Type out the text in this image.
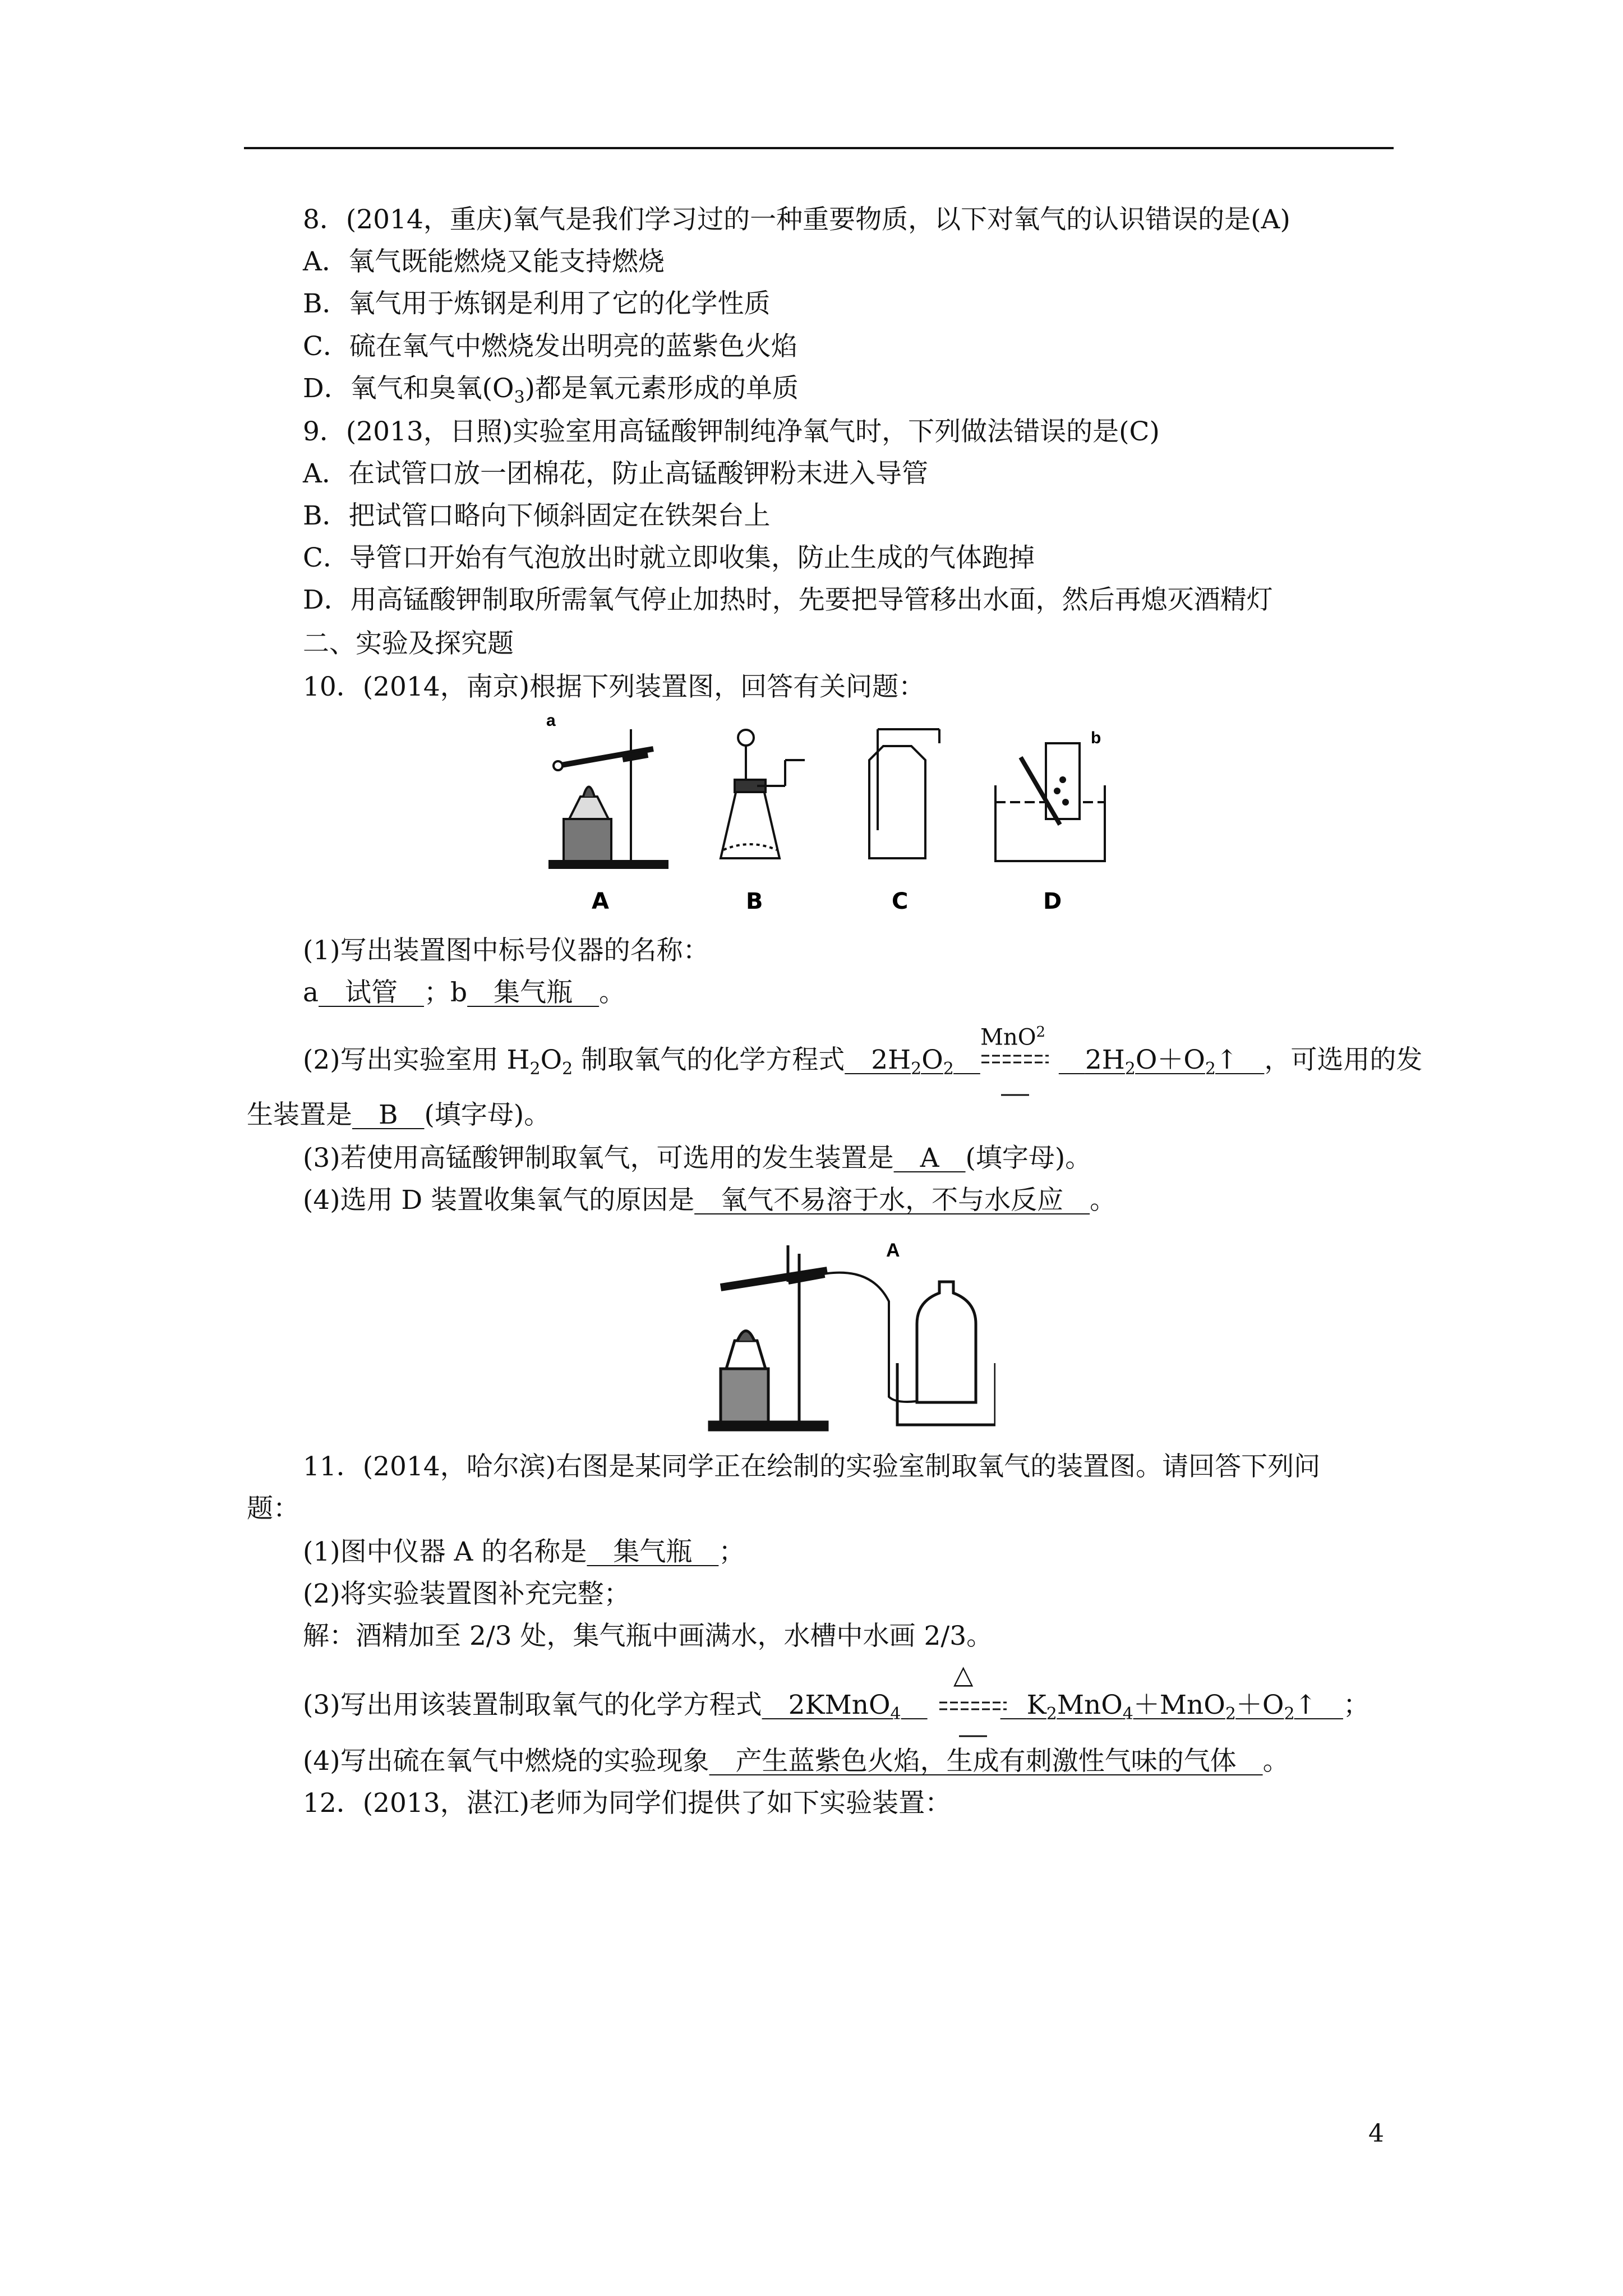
8．(2014，重庆)氧气是我们学习过的一种重要物质，以下对氧气的认识错误的是(A)
A．氧气既能燃烧又能支持燃烧
B．氧气用于炼钢是利用了它的化学性质
C．硫在氧气中燃烧发出明亮的蓝紫色火焰
D．氧气和臭氧$(O_3)$都是氧元素形成的单质
9．(2013，日照)实验室用高锰酸钾制纯净氧气时，下列做法错误的是(C)
A．在试管口放一团棉花，防止高锰酸钾粉末进入导管
B．把试管口略向下倾斜固定在铁架台上
C．导管口开始有气泡放出时就立即收集，防止生成的气体跑掉
D．用高锰酸钾制取所需氧气停止加热时，先要把导管移出水面，然后再熄灭酒精灯
二、实验及探究题
10．(2014，南京)根据下列装置图，回答有关问题：
a
b
A	B	C	D
(1)写出装置图中标号仪器的名称：
a　试管　；b　集气瓶　。
(2)写出实验室用 $H_2O_2$ 制取氧气的化学方程式　$2H_2O_2$　　	$2H_2O+O_2↑$　，可选用的发
MnO$^2$
生装置是　B　(填字母)。
(3)若使用高锰酸钾制取氧气，可选用的发生装置是　A　(填字母)。
(4)选用 D 装置收集氧气的原因是　氧气不易溶于水，不与水反应　。
A
11．(2014，哈尔滨)右图是某同学正在绘制的实验室制取氧气的装置图。请回答下列问
题：
(1)图中仪器 A 的名称是　集气瓶　；
(2)将实验装置图补充完整；
解：酒精加至 2/3 处，集气瓶中画满水，水槽中水画 2/3。
(3)写出用该装置制取氧气的化学方程式　2KMnO$_4$　　	$K_2MnO_4+MnO_2+O_2↑$　；
△
(4)写出硫在氧气中燃烧的实验现象　产生蓝紫色火焰，生成有刺激性气味的气体　。
12．(2013，湛江)老师为同学们提供了如下实验装置：
4
